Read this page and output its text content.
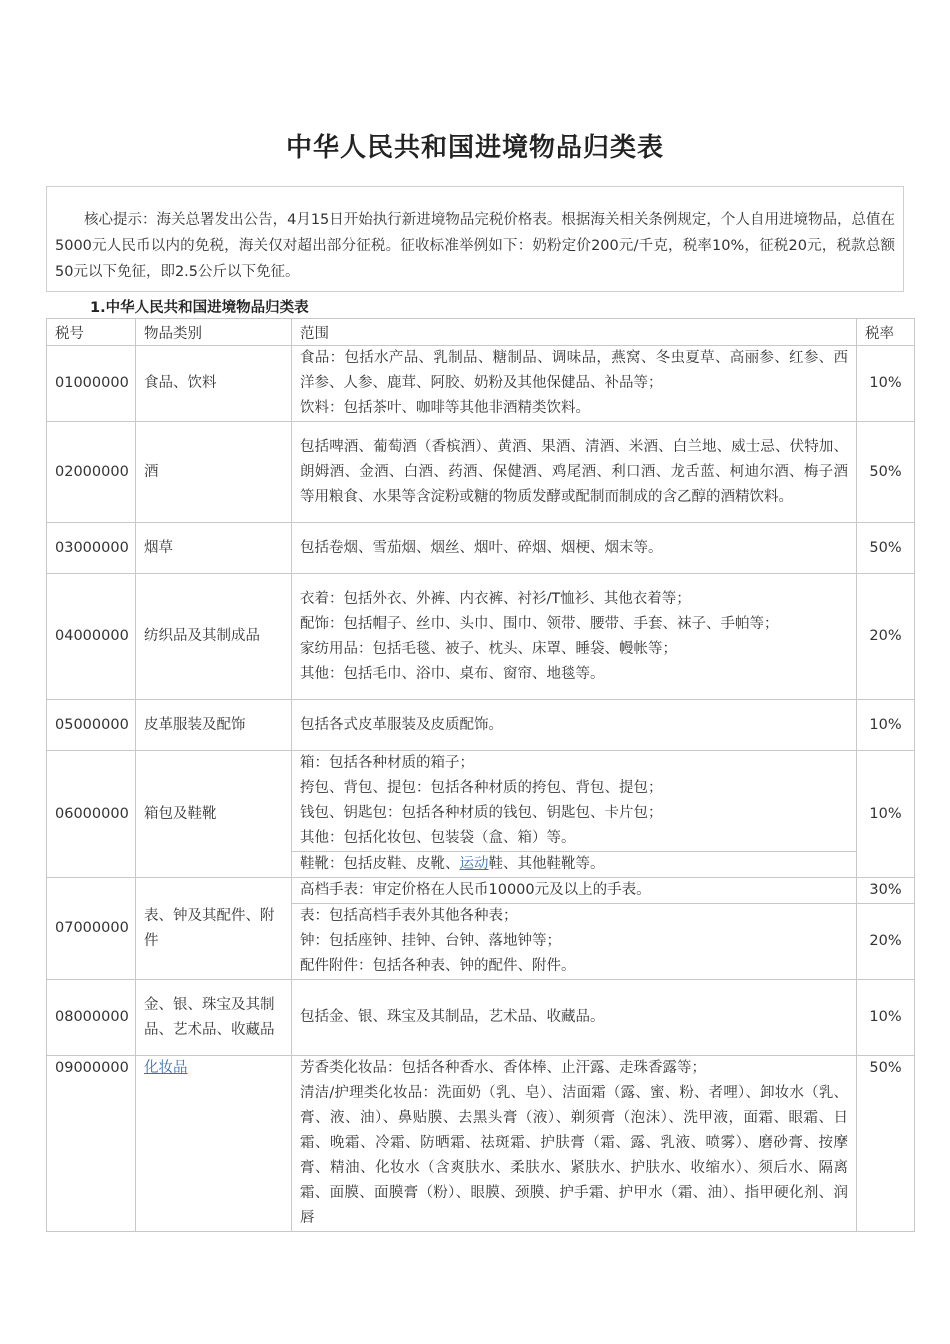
中华人民共和国进境物品归类表

核心提示：海关总署发出公告，4月15日开始执行新进境物品完税价格表。根据海关相关条例规定，个人自用进境物品，总值在5000元人民币以内的免税，海关仅对超出部分征税。征收标准举例如下：奶粉定价200元/千克，税率10%，征税20元，税款总额50元以下免征，即2.5公斤以下免征。

1.中华人民共和国进境物品归类表
税号	物品类别	范围	税率
01000000	食品、饮料	食品：包括水产品、乳制品、糖制品、调味品，燕窝、冬虫夏草、高丽参、红参、西洋参、人参、鹿茸、阿胶、奶粉及其他保健品、补品等；
饮料：包括茶叶、咖啡等其他非酒精类饮料。	10%
02000000	酒	包括啤酒、葡萄酒（香槟酒）、黄酒、果酒、清酒、米酒、白兰地、威士忌、伏特加、朗姆酒、金酒、白酒、药酒、保健酒、鸡尾酒、利口酒、龙舌蓝、柯迪尔酒、梅子酒等用粮食、水果等含淀粉或糖的物质发酵或配制而制成的含乙醇的酒精饮料。	50%
03000000	烟草	包括卷烟、雪茄烟、烟丝、烟叶、碎烟、烟梗、烟末等。	50%
04000000	纺织品及其制成品	衣着：包括外衣、外裤、内衣裤、衬衫/T恤衫、其他衣着等；
配饰：包括帽子、丝巾、头巾、围巾、领带、腰带、手套、袜子、手帕等；
家纺用品：包括毛毯、被子、枕头、床罩、睡袋、幔帐等；
其他：包括毛巾、浴巾、桌布、窗帘、地毯等。	20%
05000000	皮革服装及配饰	包括各式皮革服装及皮质配饰。	10%
06000000	箱包及鞋靴	箱：包括各种材质的箱子；
挎包、背包、提包：包括各种材质的挎包、背包、提包；
钱包、钥匙包：包括各种材质的钱包、钥匙包、卡片包；
其他：包括化妆包、包装袋（盒、箱）等。	10%
		鞋靴：包括皮鞋、皮靴、运动鞋、其他鞋靴等。	
07000000	表、钟及其配件、附件	高档手表：审定价格在人民币10000元及以上的手表。	30%

		表：包括高档手表外其他各种表；
钟：包括座钟、挂钟、台钟、落地钟等；
配件附件：包括各种表、钟的配件、附件。	20%
08000000	金、银、珠宝及其制品、艺术品、收藏品	包括金、银、珠宝及其制品，艺术品、收藏品。	10%
09000000	化妆品	芳香类化妆品：包括各种香水、香体棒、止汗露、走珠香露等；
清洁/护理类化妆品：洗面奶（乳、皂）、洁面霜（露、蜜、粉、者哩）、卸妆水（乳、膏、液、油）、鼻贴膜、去黑头膏（液）、剃须膏（泡沫）、洗甲液，面霜、眼霜、日霜、晚霜、冷霜、防晒霜、祛斑霜、护肤膏（霜、露、乳液、喷雾）、磨砂膏、按摩膏、精油、化妆水（含爽肤水、柔肤水、紧肤水、护肤水、收缩水）、须后水、隔离霜、面膜、面膜膏（粉）、眼膜、颈膜、护手霜、护甲水（霜、油）、指甲硬化剂、润唇	50%
